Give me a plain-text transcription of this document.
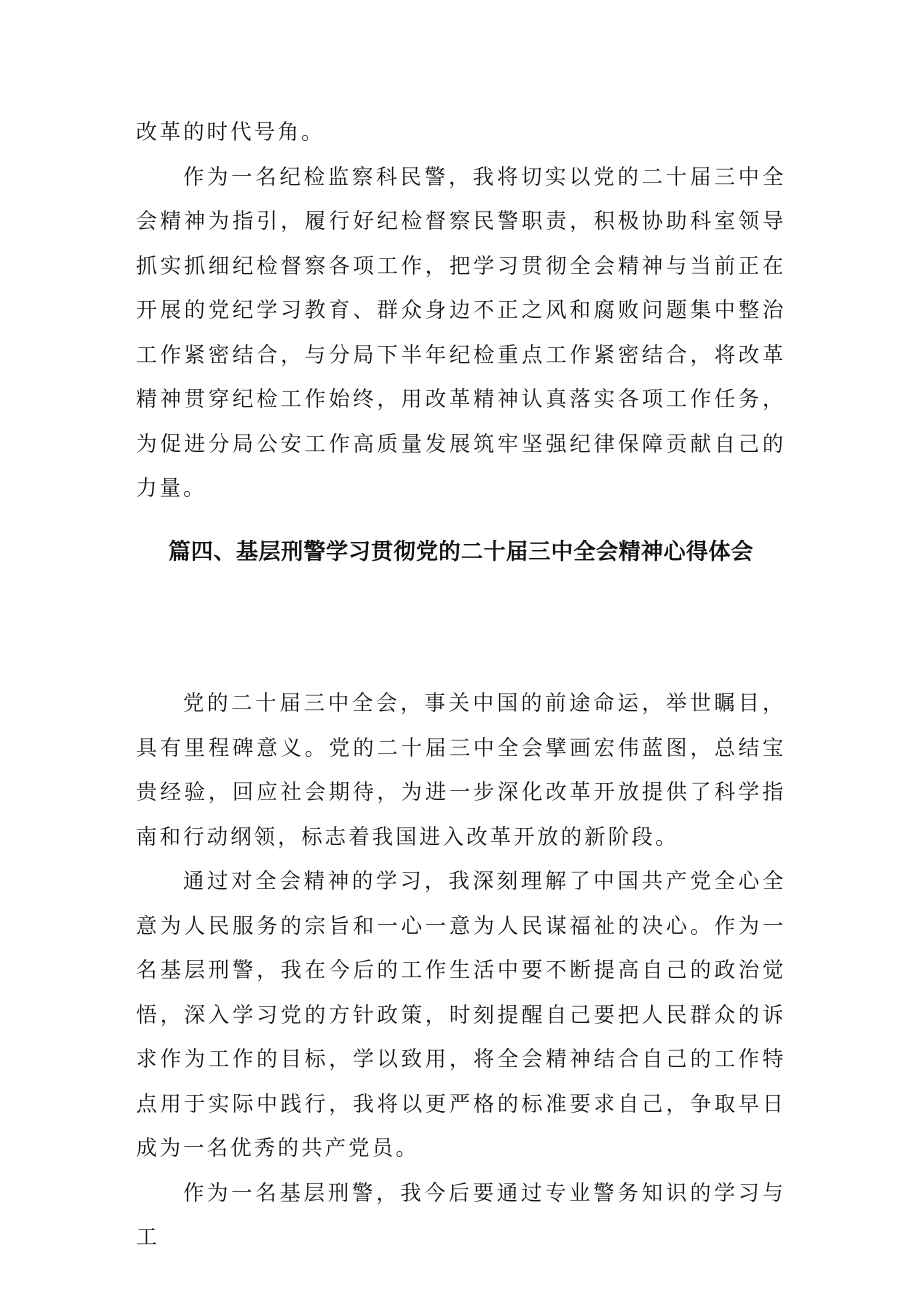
改革的时代号角。

作为一名纪检监察科民警，我将切实以党的二十届三中全会精神为指引，履行好纪检督察民警职责，积极协助科室领导抓实抓细纪检督察各项工作，把学习贯彻全会精神与当前正在开展的党纪学习教育、群众身边不正之风和腐败问题集中整治工作紧密结合，与分局下半年纪检重点工作紧密结合，将改革精神贯穿纪检工作始终，用改革精神认真落实各项工作任务，为促进分局公安工作高质量发展筑牢坚强纪律保障贡献自己的力量。

篇四、基层刑警学习贯彻党的二十届三中全会精神心得体会

党的二十届三中全会，事关中国的前途命运，举世瞩目，具有里程碑意义。党的二十届三中全会擘画宏伟蓝图，总结宝贵经验，回应社会期待，为进一步深化改革开放提供了科学指南和行动纲领，标志着我国进入改革开放的新阶段。

通过对全会精神的学习，我深刻理解了中国共产党全心全意为人民服务的宗旨和一心一意为人民谋福祉的决心。作为一名基层刑警，我在今后的工作生活中要不断提高自己的政治觉悟，深入学习党的方针政策，时刻提醒自己要把人民群众的诉求作为工作的目标，学以致用，将全会精神结合自己的工作特点用于实际中践行，我将以更严格的标准要求自己，争取早日成为一名优秀的共产党员。

作为一名基层刑警，我今后要通过专业警务知识的学习与工
